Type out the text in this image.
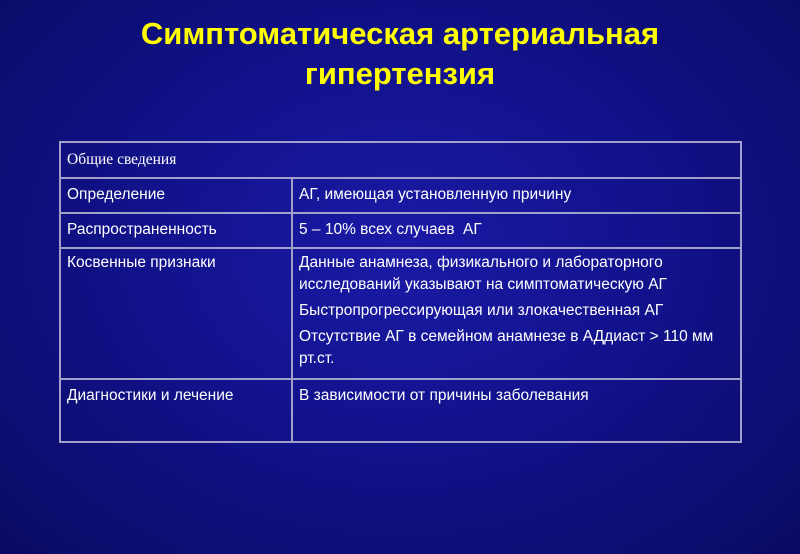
Симптоматическая артериальная
гипертензия
Общие сведения	
Определение	АГ, имеющая установленную причину

Распространенность	5 – 10% всех случаев  АГ

Косвенные признаки	Данные анамнеза, физикального и лабораторного исследований указывают на симптоматическую АГ

Быстропрогрессирующая или злокачественная АГ

Отсутствие АГ в семейном анамнезе в АДдиаст > 110 мм рт.ст.

Диагностики и лечение	В зависимости от причины заболевания
